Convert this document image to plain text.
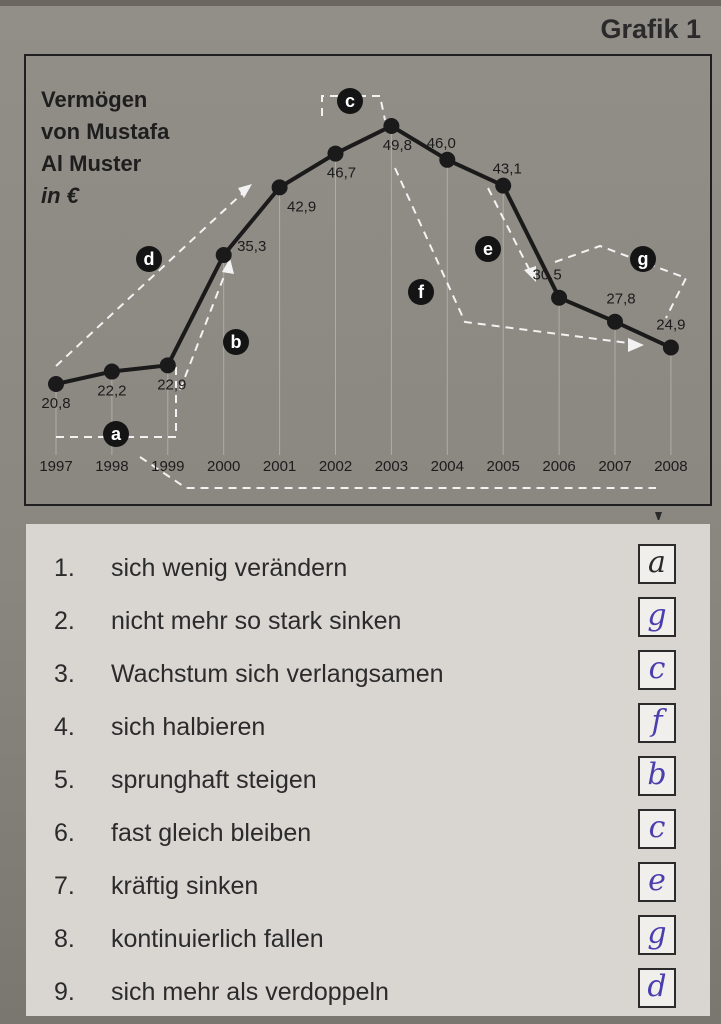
Grafik 1
20,8
1997
22,2
1998
22,9
1999
35,3
2000
42,9
2001
46,7
2002
49,8
2003
46,0
2004
43,1
2005
30,5
2006
27,8
2007
24,9
2008
a
b
c
d	e
f
g
Vermögen
von Mustafa
Al Muster
in €
1. sich wenig verändern	a
2. nicht mehr so stark sinken	g
3. Wachstum sich verlangsamen	c
4. sich halbieren	f
5. sprunghaft steigen	b
6. fast gleich bleiben	c
7. kräftig sinken	e
8. kontinuierlich fallen	g
9. sich mehr als verdoppeln	d
